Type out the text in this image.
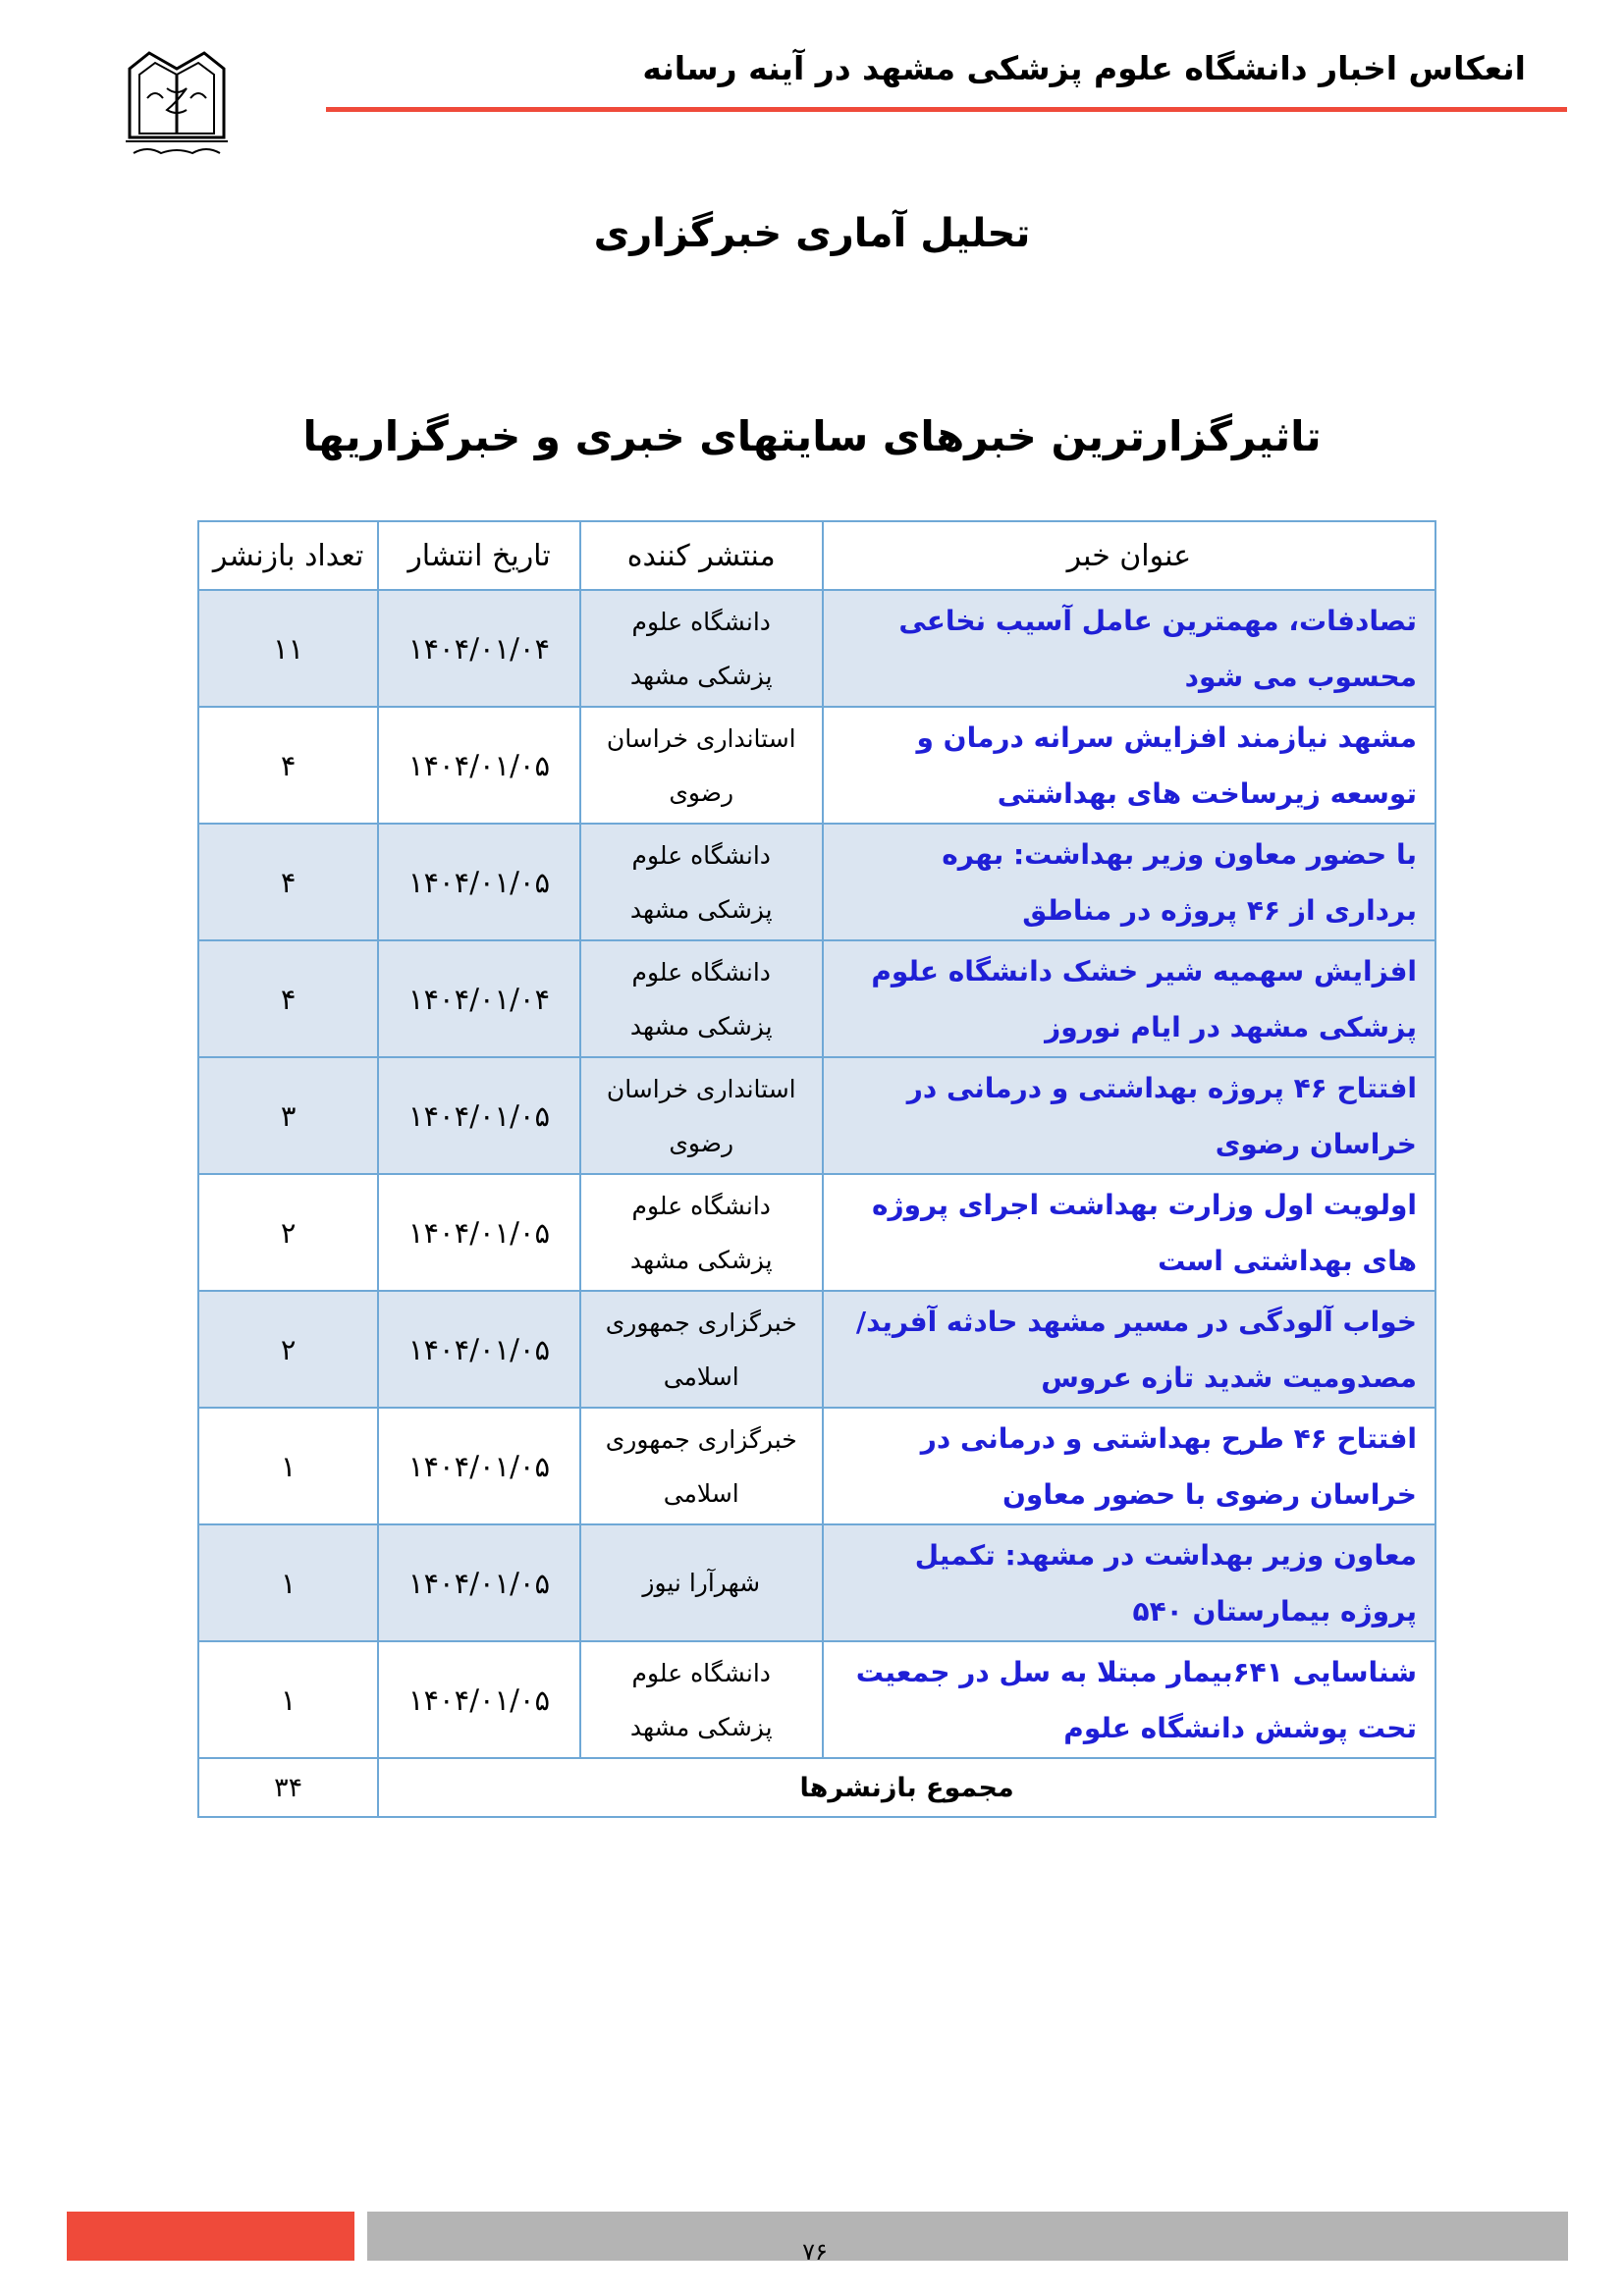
انعکاس اخبار دانشگاه علوم پزشکی مشهد در آینه رسانه
تحلیل آماری خبرگزاری
تاثیرگزارترین خبرهای سایتهای خبری و خبرگزاریها
عنوان خبر	منتشر کننده	تاریخ انتشار	تعداد بازنشر
تصادفات، مهمترین عامل آسیب نخاعی محسوب می شود	دانشگاه علوم پزشکی مشهد	۱۴۰۴/۰۱/۰۴	۱۱
مشهد نیازمند افزایش سرانه درمان و توسعه زیرساخت های بهداشتی	استانداری خراسان رضوی	۱۴۰۴/۰۱/۰۵	۴
با حضور معاون وزیر بهداشت: بهره برداری از ۴۶ پروژه در مناطق	دانشگاه علوم پزشکی مشهد	۱۴۰۴/۰۱/۰۵	۴
افزایش سهمیه شیر خشک دانشگاه علوم پزشکی مشهد در ایام نوروز	دانشگاه علوم پزشکی مشهد	۱۴۰۴/۰۱/۰۴	۴
افتتاح ۴۶ پروژه بهداشتی و درمانی در خراسان رضوی	استانداری خراسان رضوی	۱۴۰۴/۰۱/۰۵	۳
اولویت اول وزارت بهداشت اجرای پروژه های بهداشتی است	دانشگاه علوم پزشکی مشهد	۱۴۰۴/۰۱/۰۵	۲
خواب آلودگی در مسیر مشهد حادثه آفرید/ مصدومیت شدید تازه عروس	خبرگزاری جمهوری اسلامی	۱۴۰۴/۰۱/۰۵	۲
افتتاح ۴۶ طرح بهداشتی و درمانی در خراسان رضوی با حضور معاون	خبرگزاری جمهوری اسلامی	۱۴۰۴/۰۱/۰۵	۱
معاون وزیر بهداشت در مشهد: تکمیل پروژه بیمارستان ۵۴۰	شهرآرا نیوز	۱۴۰۴/۰۱/۰۵	۱
شناسایی ۶۴۱بیمار مبتلا به سل در جمعیت تحت پوشش دانشگاه علوم	دانشگاه علوم پزشکی مشهد	۱۴۰۴/۰۱/۰۵	۱
مجموع بازنشرها			۳۴
۷۶
